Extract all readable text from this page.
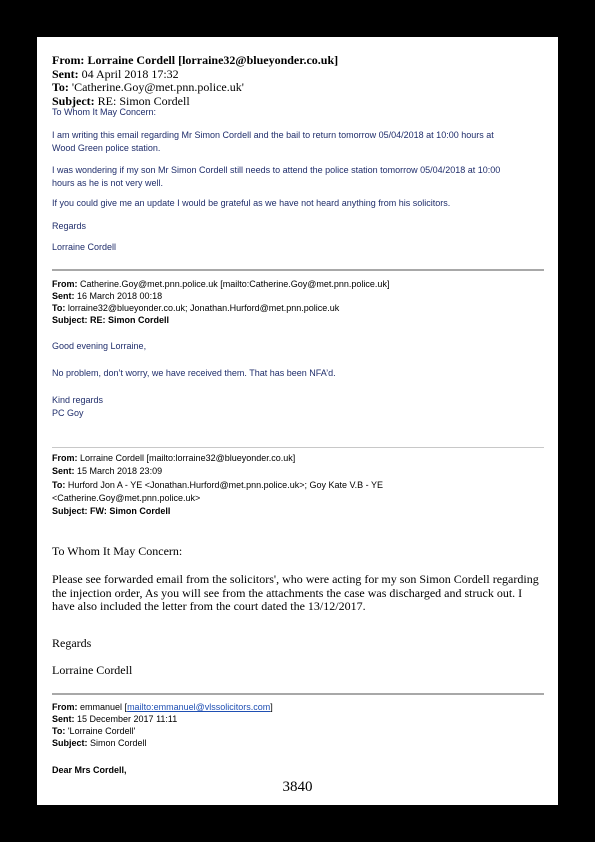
From: Lorraine Cordell [lorraine32@blueyonder.co.uk]
Sent: 04 April 2018 17:32
To: 'Catherine.Goy@met.pnn.police.uk'
Subject: RE: Simon Cordell
To Whom It May Concern:
I am writing this email regarding Mr Simon Cordell and the bail to return tomorrow 05/04/2018 at 10:00 hours at
Wood Green police station.
I was wondering if my son Mr Simon Cordell still needs to attend the police station tomorrow 05/04/2018 at 10:00
hours as he is not very well.
If you could give me an update I would be grateful as we have not heard anything from his solicitors.
Regards
Lorraine Cordell
From: Catherine.Goy@met.pnn.police.uk [mailto:Catherine.Goy@met.pnn.police.uk]
Sent: 16 March 2018 00:18
To: lorraine32@blueyonder.co.uk; Jonathan.Hurford@met.pnn.police.uk
Subject: RE: Simon Cordell
Good evening Lorraine,
No problem, don’t worry, we have received them. That has been NFA’d.
Kind regards
PC Goy
From: Lorraine Cordell [mailto:lorraine32@blueyonder.co.uk]
Sent: 15 March 2018 23:09
To: Hurford Jon A - YE <Jonathan.Hurford@met.pnn.police.uk>; Goy Kate V.B - YE
<Catherine.Goy@met.pnn.police.uk>
Subject: FW: Simon Cordell
To Whom It May Concern:
Please see forwarded email from the solicitors', who were acting for my son Simon Cordell regarding
the injection order, As you will see from the attachments the case was discharged and struck out. I
have also included the letter from the court dated the 13/12/2017.
Regards
Lorraine Cordell
From: emmanuel [mailto:emmanuel@vlssolicitors.com]
Sent: 15 December 2017 11:11
To: 'Lorraine Cordell'
Subject: Simon Cordell
Dear Mrs Cordell,
3840
